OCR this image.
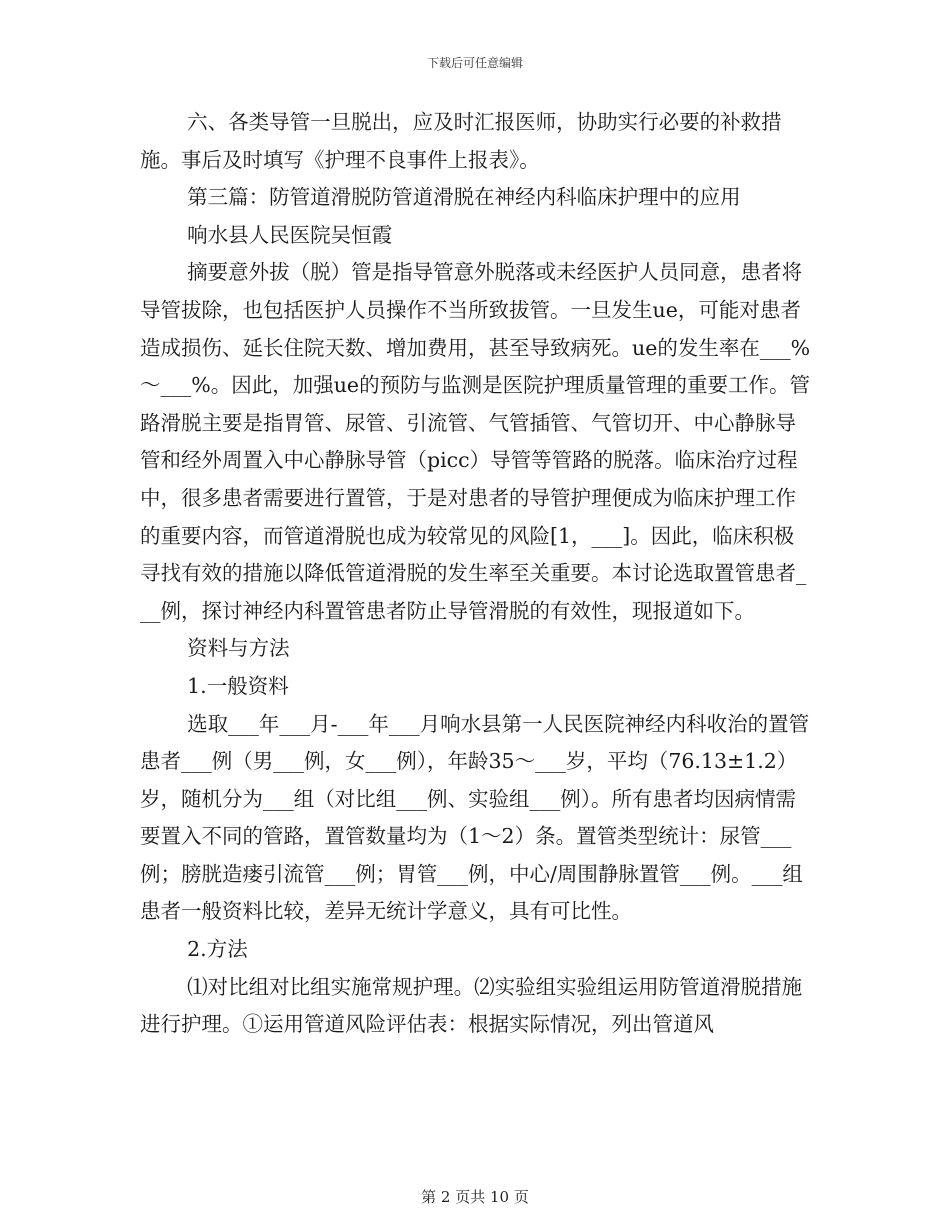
下载后可任意编辑

六、各类导管一旦脱出，应及时汇报医师，协助实行必要的补救措施。事后及时填写《护理不良事件上报表》。

第三篇：防管道滑脱防管道滑脱在神经内科临床护理中的应用

响水县人民医院吴恒霞

摘要意外拔（脱）管是指导管意外脱落或未经医护人员同意，患者将导管拔除，也包括医护人员操作不当所致拔管。一旦发生ue，可能对患者造成损伤、延长住院天数、增加费用，甚至导致病死。ue的发生率在___%～___%。因此，加强ue的预防与监测是医院护理质量管理的重要工作。管路滑脱主要是指胃管、尿管、引流管、气管插管、气管切开、中心静脉导管和经外周置入中心静脉导管（picc）导管等管路的脱落。临床治疗过程中，很多患者需要进行置管，于是对患者的导管护理便成为临床护理工作的重要内容，而管道滑脱也成为较常见的风险[1，___]。因此，临床积极寻找有效的措施以降低管道滑脱的发生率至关重要。本讨论选取置管患者___例，探讨神经内科置管患者防止导管滑脱的有效性，现报道如下。

资料与方法

1.一般资料

选取___年___月-___年___月响水县第一人民医院神经内科收治的置管患者___例（男___例，女___例），年龄35～___岁，平均（76.13±1.2）岁，随机分为___组（对比组___例、实验组___例）。所有患者均因病情需要置入不同的管路，置管数量均为（1～2）条。置管类型统计：尿管___例；膀胱造瘘引流管___例；胃管___例，中心/周围静脉置管___例。___组患者一般资料比较，差异无统计学意义，具有可比性。

2.方法

⑴对比组对比组实施常规护理。⑵实验组实验组运用防管道滑脱措施进行护理。①运用管道风险评估表：根据实际情况，列出管道风

第 2 页共 10 页
